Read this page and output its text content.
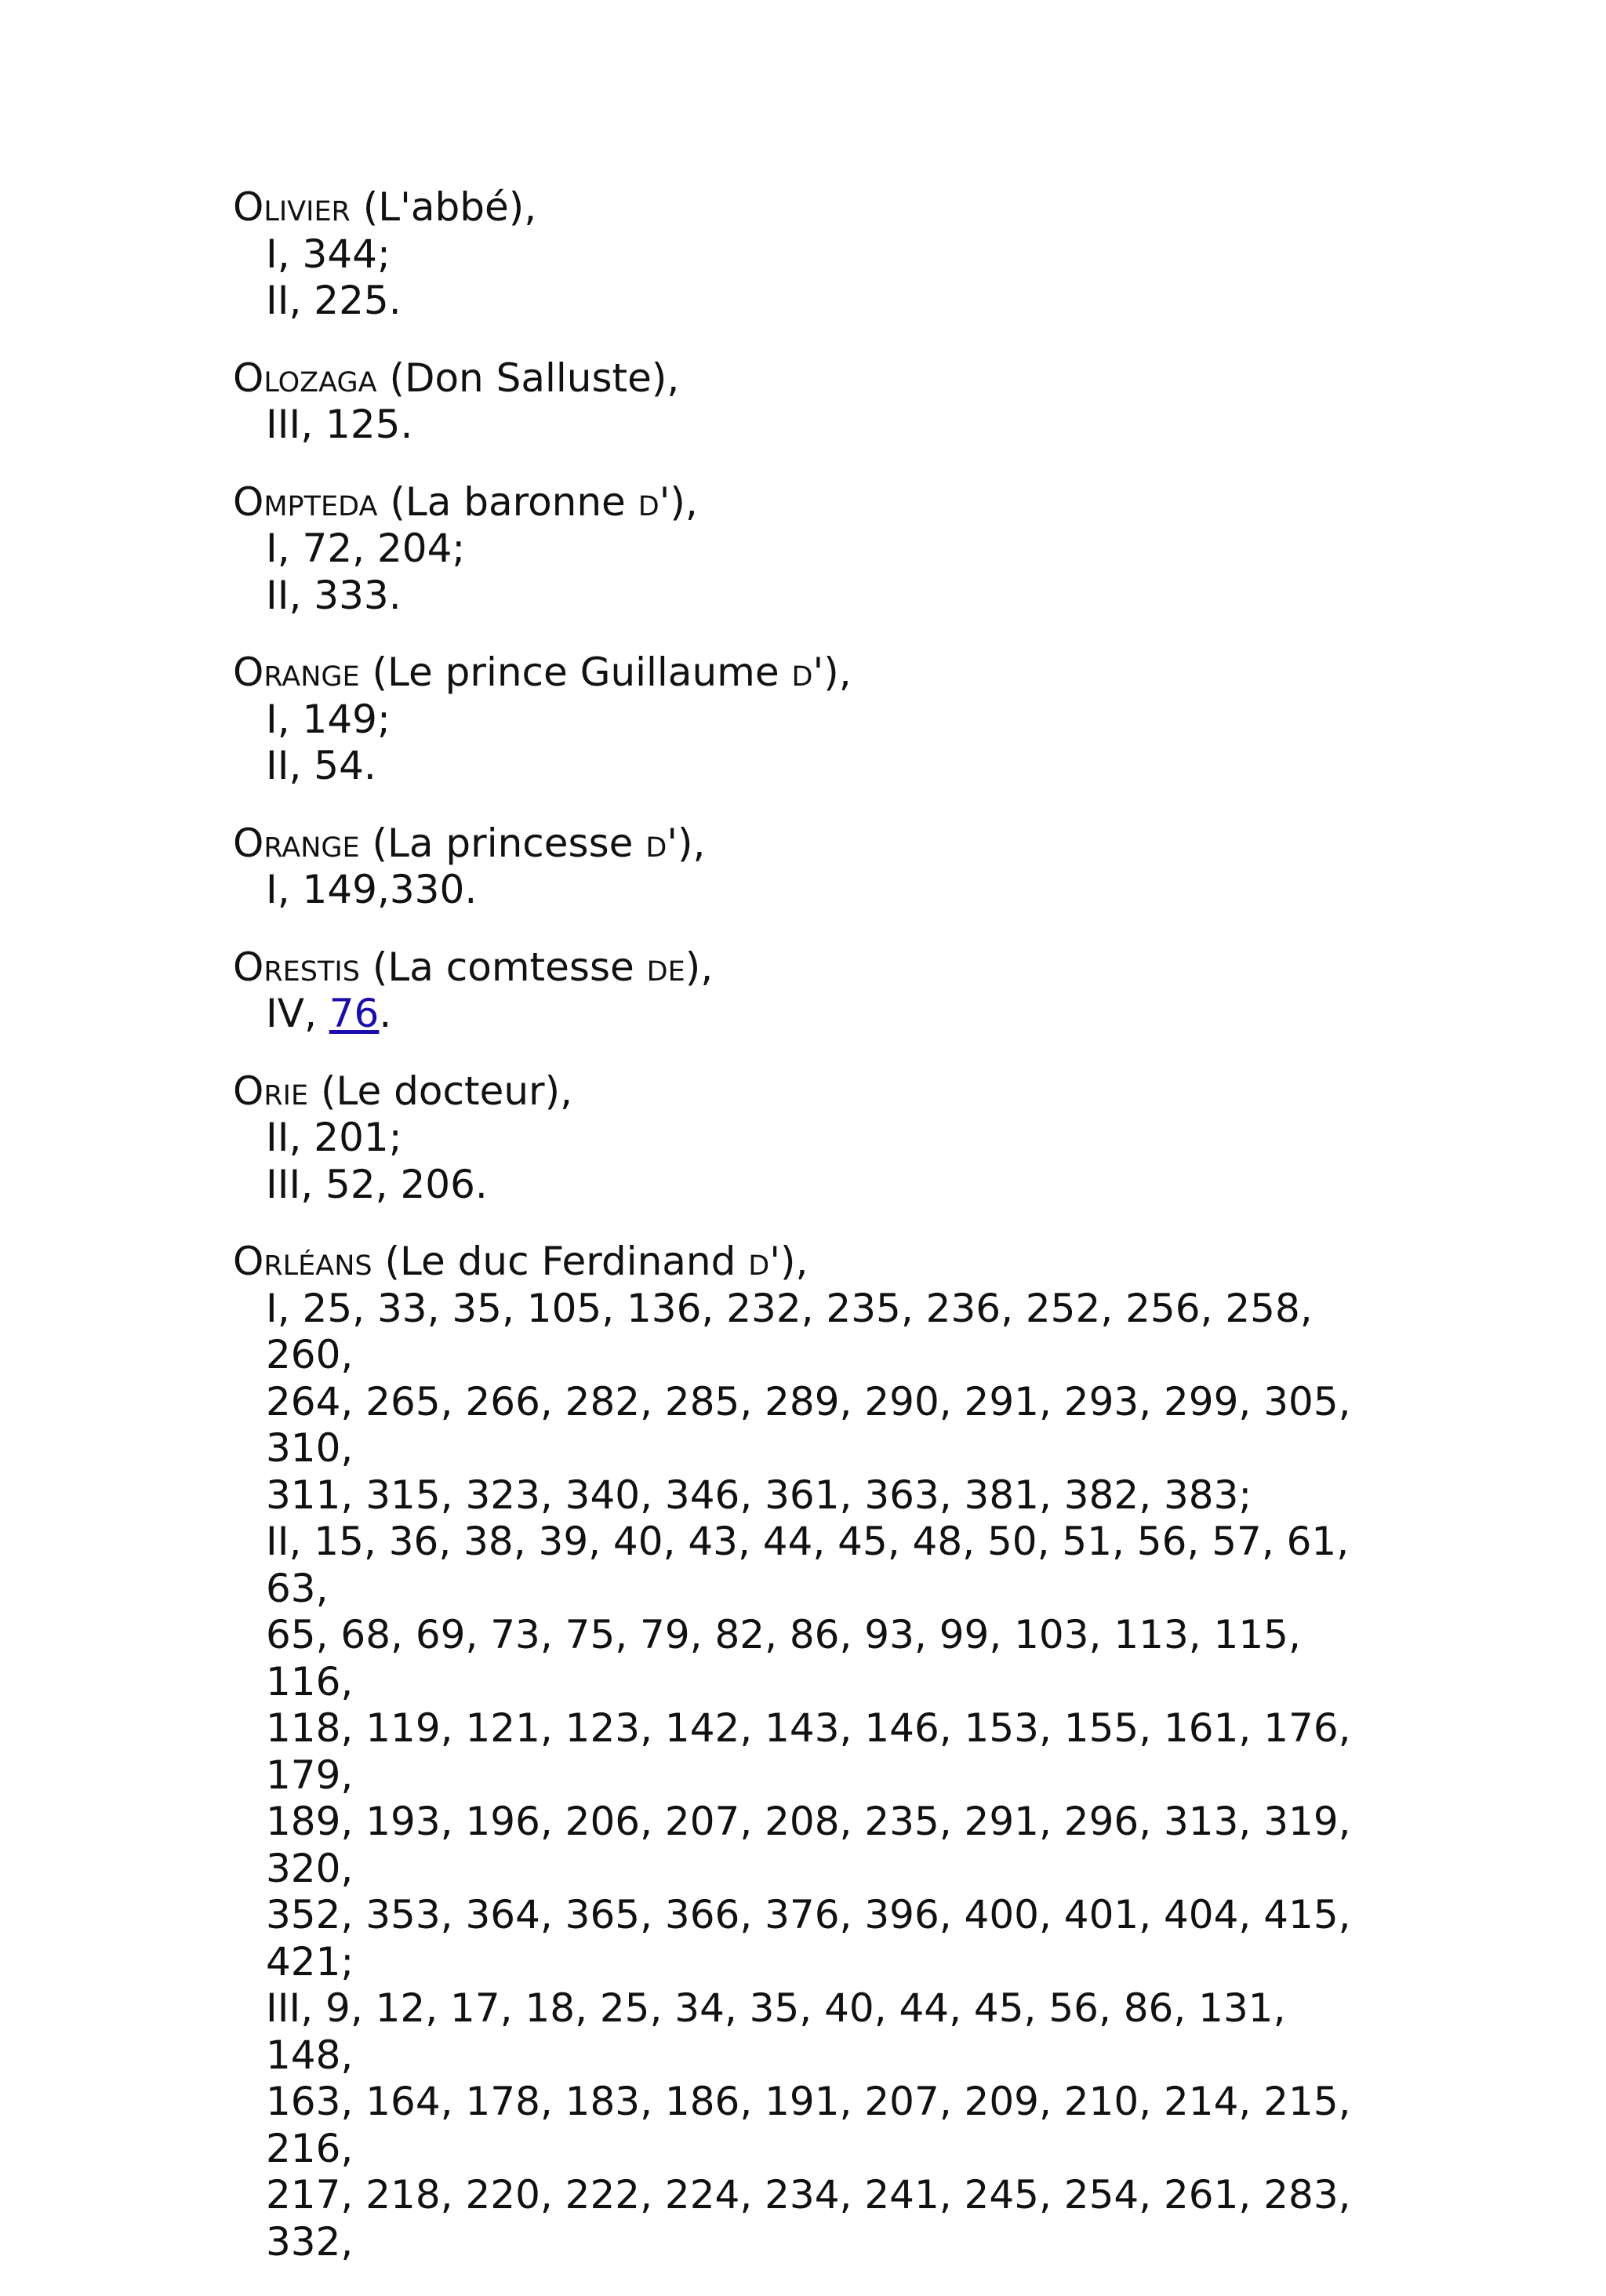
Olivier (L'abbé),
I, 344;
II, 225.
Olozaga (Don Salluste),
III, 125.
Ompteda (La baronne d'),
I, 72, 204;
II, 333.
Orange (Le prince Guillaume d'),
I, 149;
II, 54.
Orange (La princesse d'),
I, 149,330.
Orestis (La comtesse de),
IV, 76.
Orie (Le docteur),
II, 201;
III, 52, 206.
Orléans (Le duc Ferdinand d'),
I, 25, 33, 35, 105, 136, 232, 235, 236, 252, 256, 258, 260,
264, 265, 266, 282, 285, 289, 290, 291, 293, 299, 305, 310,
311, 315, 323, 340, 346, 361, 363, 381, 382, 383;
II, 15, 36, 38, 39, 40, 43, 44, 45, 48, 50, 51, 56, 57, 61, 63,
65, 68, 69, 73, 75, 79, 82, 86, 93, 99, 103, 113, 115, 116,
118, 119, 121, 123, 142, 143, 146, 153, 155, 161, 176, 179,
189, 193, 196, 206, 207, 208, 235, 291, 296, 313, 319, 320,
352, 353, 364, 365, 366, 376, 396, 400, 401, 404, 415, 421;
III, 9, 12, 17, 18, 25, 34, 35, 40, 44, 45, 56, 86, 131, 148,
163, 164, 178, 183, 186, 191, 207, 209, 210, 214, 215, 216,
217, 218, 220, 222, 224, 234, 241, 245, 254, 261, 283, 332,
